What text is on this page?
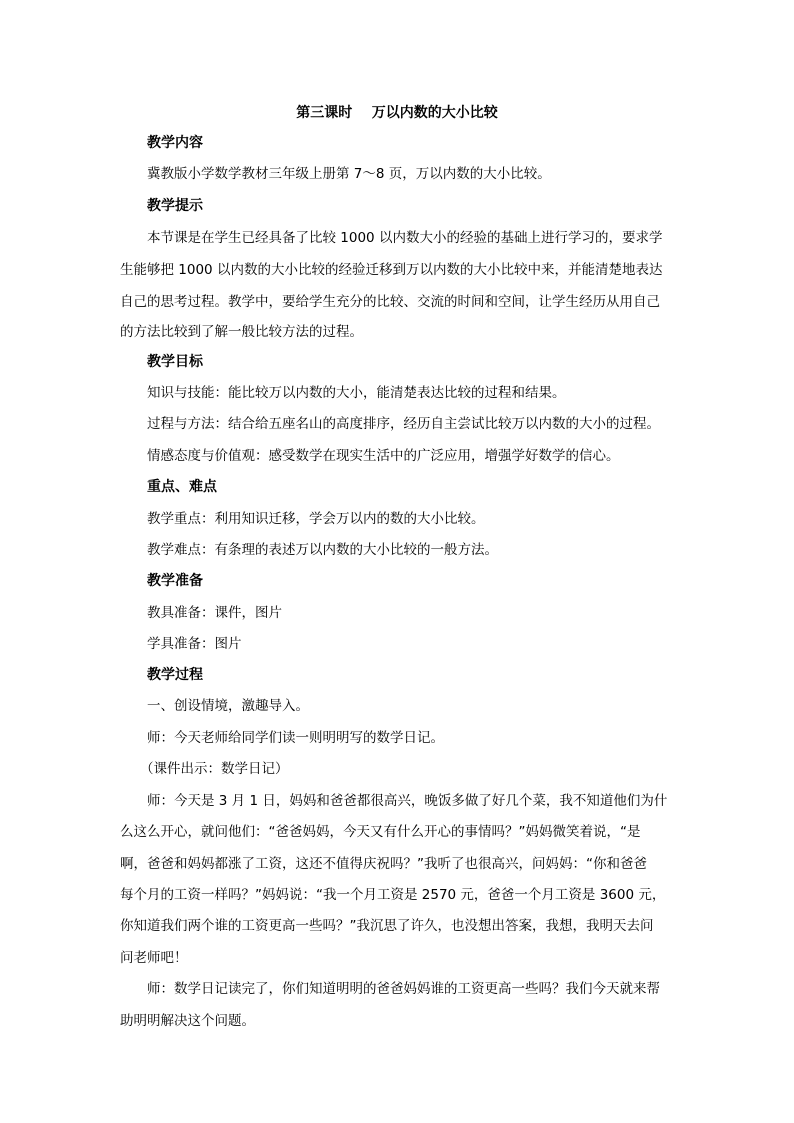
第三课时    万以内数的大小比较
教学内容
冀教版小学数学教材三年级上册第 7～8 页，万以内数的大小比较。
教学提示
本节课是在学生已经具备了比较 1000 以内数大小的经验的基础上进行学习的，要求学
生能够把 1000 以内数的大小比较的经验迁移到万以内数的大小比较中来，并能清楚地表达
自己的思考过程。教学中，要给学生充分的比较、交流的时间和空间，让学生经历从用自己
的方法比较到了解一般比较方法的过程。
教学目标
知识与技能：能比较万以内数的大小，能清楚表达比较的过程和结果。
过程与方法：结合给五座名山的高度排序，经历自主尝试比较万以内数的大小的过程。
情感态度与价值观：感受数学在现实生活中的广泛应用，增强学好数学的信心。
重点、难点
教学重点：利用知识迁移，学会万以内的数的大小比较。
教学难点：有条理的表述万以内数的大小比较的一般方法。
教学准备
教具准备：课件，图片
学具准备：图片
教学过程
一、创设情境，激趣导入。
师：今天老师给同学们读一则明明写的数学日记。
（课件出示：数学日记）
师：今天是 3 月 1 日，妈妈和爸爸都很高兴，晚饭多做了好几个菜，我不知道他们为什
么这么开心，就问他们：“爸爸妈妈，今天又有什么开心的事情吗？”妈妈微笑着说，“是
啊，爸爸和妈妈都涨了工资，这还不值得庆祝吗？”我听了也很高兴，问妈妈：“你和爸爸
每个月的工资一样吗？”妈妈说：“我一个月工资是 2570 元，爸爸一个月工资是 3600 元，
你知道我们两个谁的工资更高一些吗？”我沉思了许久，也没想出答案，我想，我明天去问
问老师吧！
师：数学日记读完了，你们知道明明的爸爸妈妈谁的工资更高一些吗？我们今天就来帮
助明明解决这个问题。
